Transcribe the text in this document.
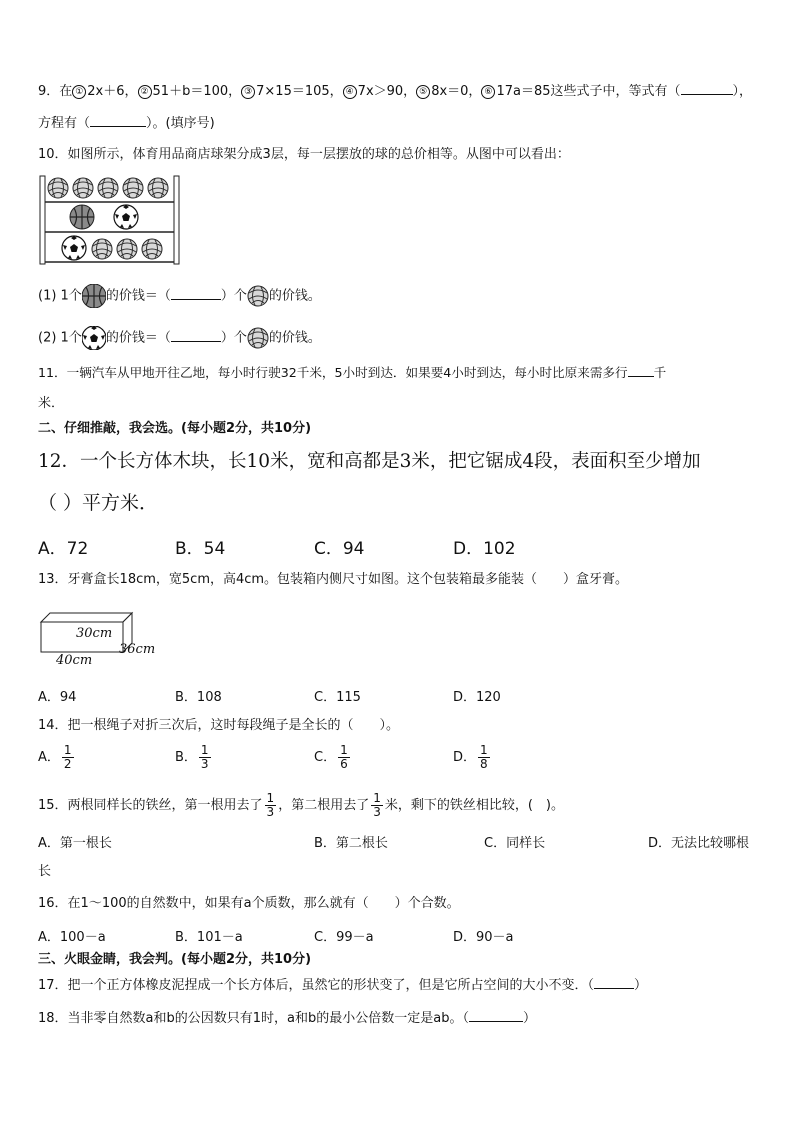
9．在 ① 2x＋6， ② 51＋b＝100， ③ 7×15＝105， ④ 7x＞90， ⑤ 8x＝0， ⑥ 17a＝85这些式子中，等式有（	），
方程有（	）。(填序号)
10．如图所示，体育用品商店球架分成3层，每一层摆放的球的总价相等。从图中可以看出：
(1) 1个 的价钱＝（	）个 的价钱。
(2) 1个 的价钱＝（	）个 的价钱。
11．一辆汽车从甲地开往乙地，每小时行驶32千米，5小时到达．如果要4小时到达，每小时比原来需多行 千
米．
二、仔细推敲，我会选。(每小题2分，共10分)
12．一个长方体木块，长10米，宽和高都是3米，把它锯成4段，表面积至少增加
（ ）平方米．
A．72	B．54	C．94	D．102
13．牙膏盒长18cm，宽5cm，高4cm。包装箱内侧尺寸如图。这个包装箱最多能装（　　）盒牙膏。
30cm
36cm
40cm
A．94	B．108	C．115	D．120
14．把一根绳子对折三次后，这时每段绳子是全长的（　　）。
A． $\frac{1}{2}$	B． $\frac{1}{3}$	C． $\frac{1}{6}$	D． $\frac{1}{8}$
15．两根同样长的铁丝，第一根用去了 $\frac{1}{3}$ ，第二根用去了 $\frac{1}{3}$ 米，剩下的铁丝相比较，(　)。
A．第一根长	B．第二根长	C．同样长	D．无法比较哪根
长
16．在1～100的自然数中，如果有a个质数，那么就有（　　）个合数。
A．100－a	B．101－a	C．99－a	D．90－a
三、火眼金睛，我会判。(每小题2分，共10分)
17．把一个正方体橡皮泥捏成一个长方体后，虽然它的形状变了，但是它所占空间的大小不变．（	）
18．当非零自然数a和b的公因数只有1时，a和b的最小公倍数一定是ab。（	）
